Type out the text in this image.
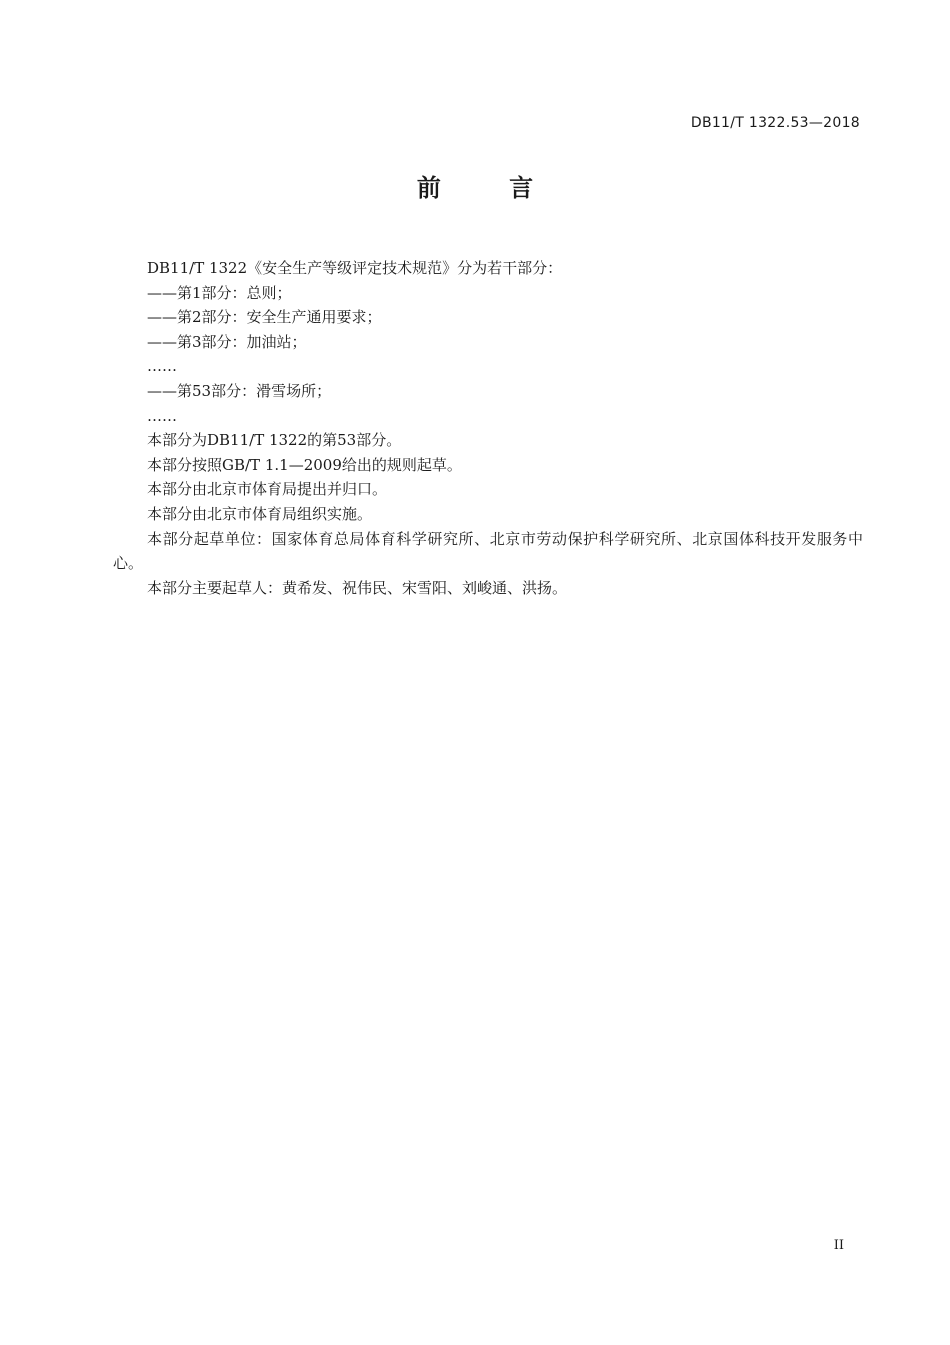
DB11/T 1322.53—2018
前 言

DB11/T 1322《安全生产等级评定技术规范》分为若干部分：

——第1部分：总则；

——第2部分：安全生产通用要求；

——第3部分：加油站；

……

——第53部分：滑雪场所；

……

本部分为DB11/T 1322的第53部分。

本部分按照GB/T 1.1—2009给出的规则起草。

本部分由北京市体育局提出并归口。

本部分由北京市体育局组织实施。

本部分起草单位：国家体育总局体育科学研究所、北京市劳动保护科学研究所、北京国体科技开发服务中心。

本部分主要起草人：黄希发、祝伟民、宋雪阳、刘峻通、洪扬。

II
